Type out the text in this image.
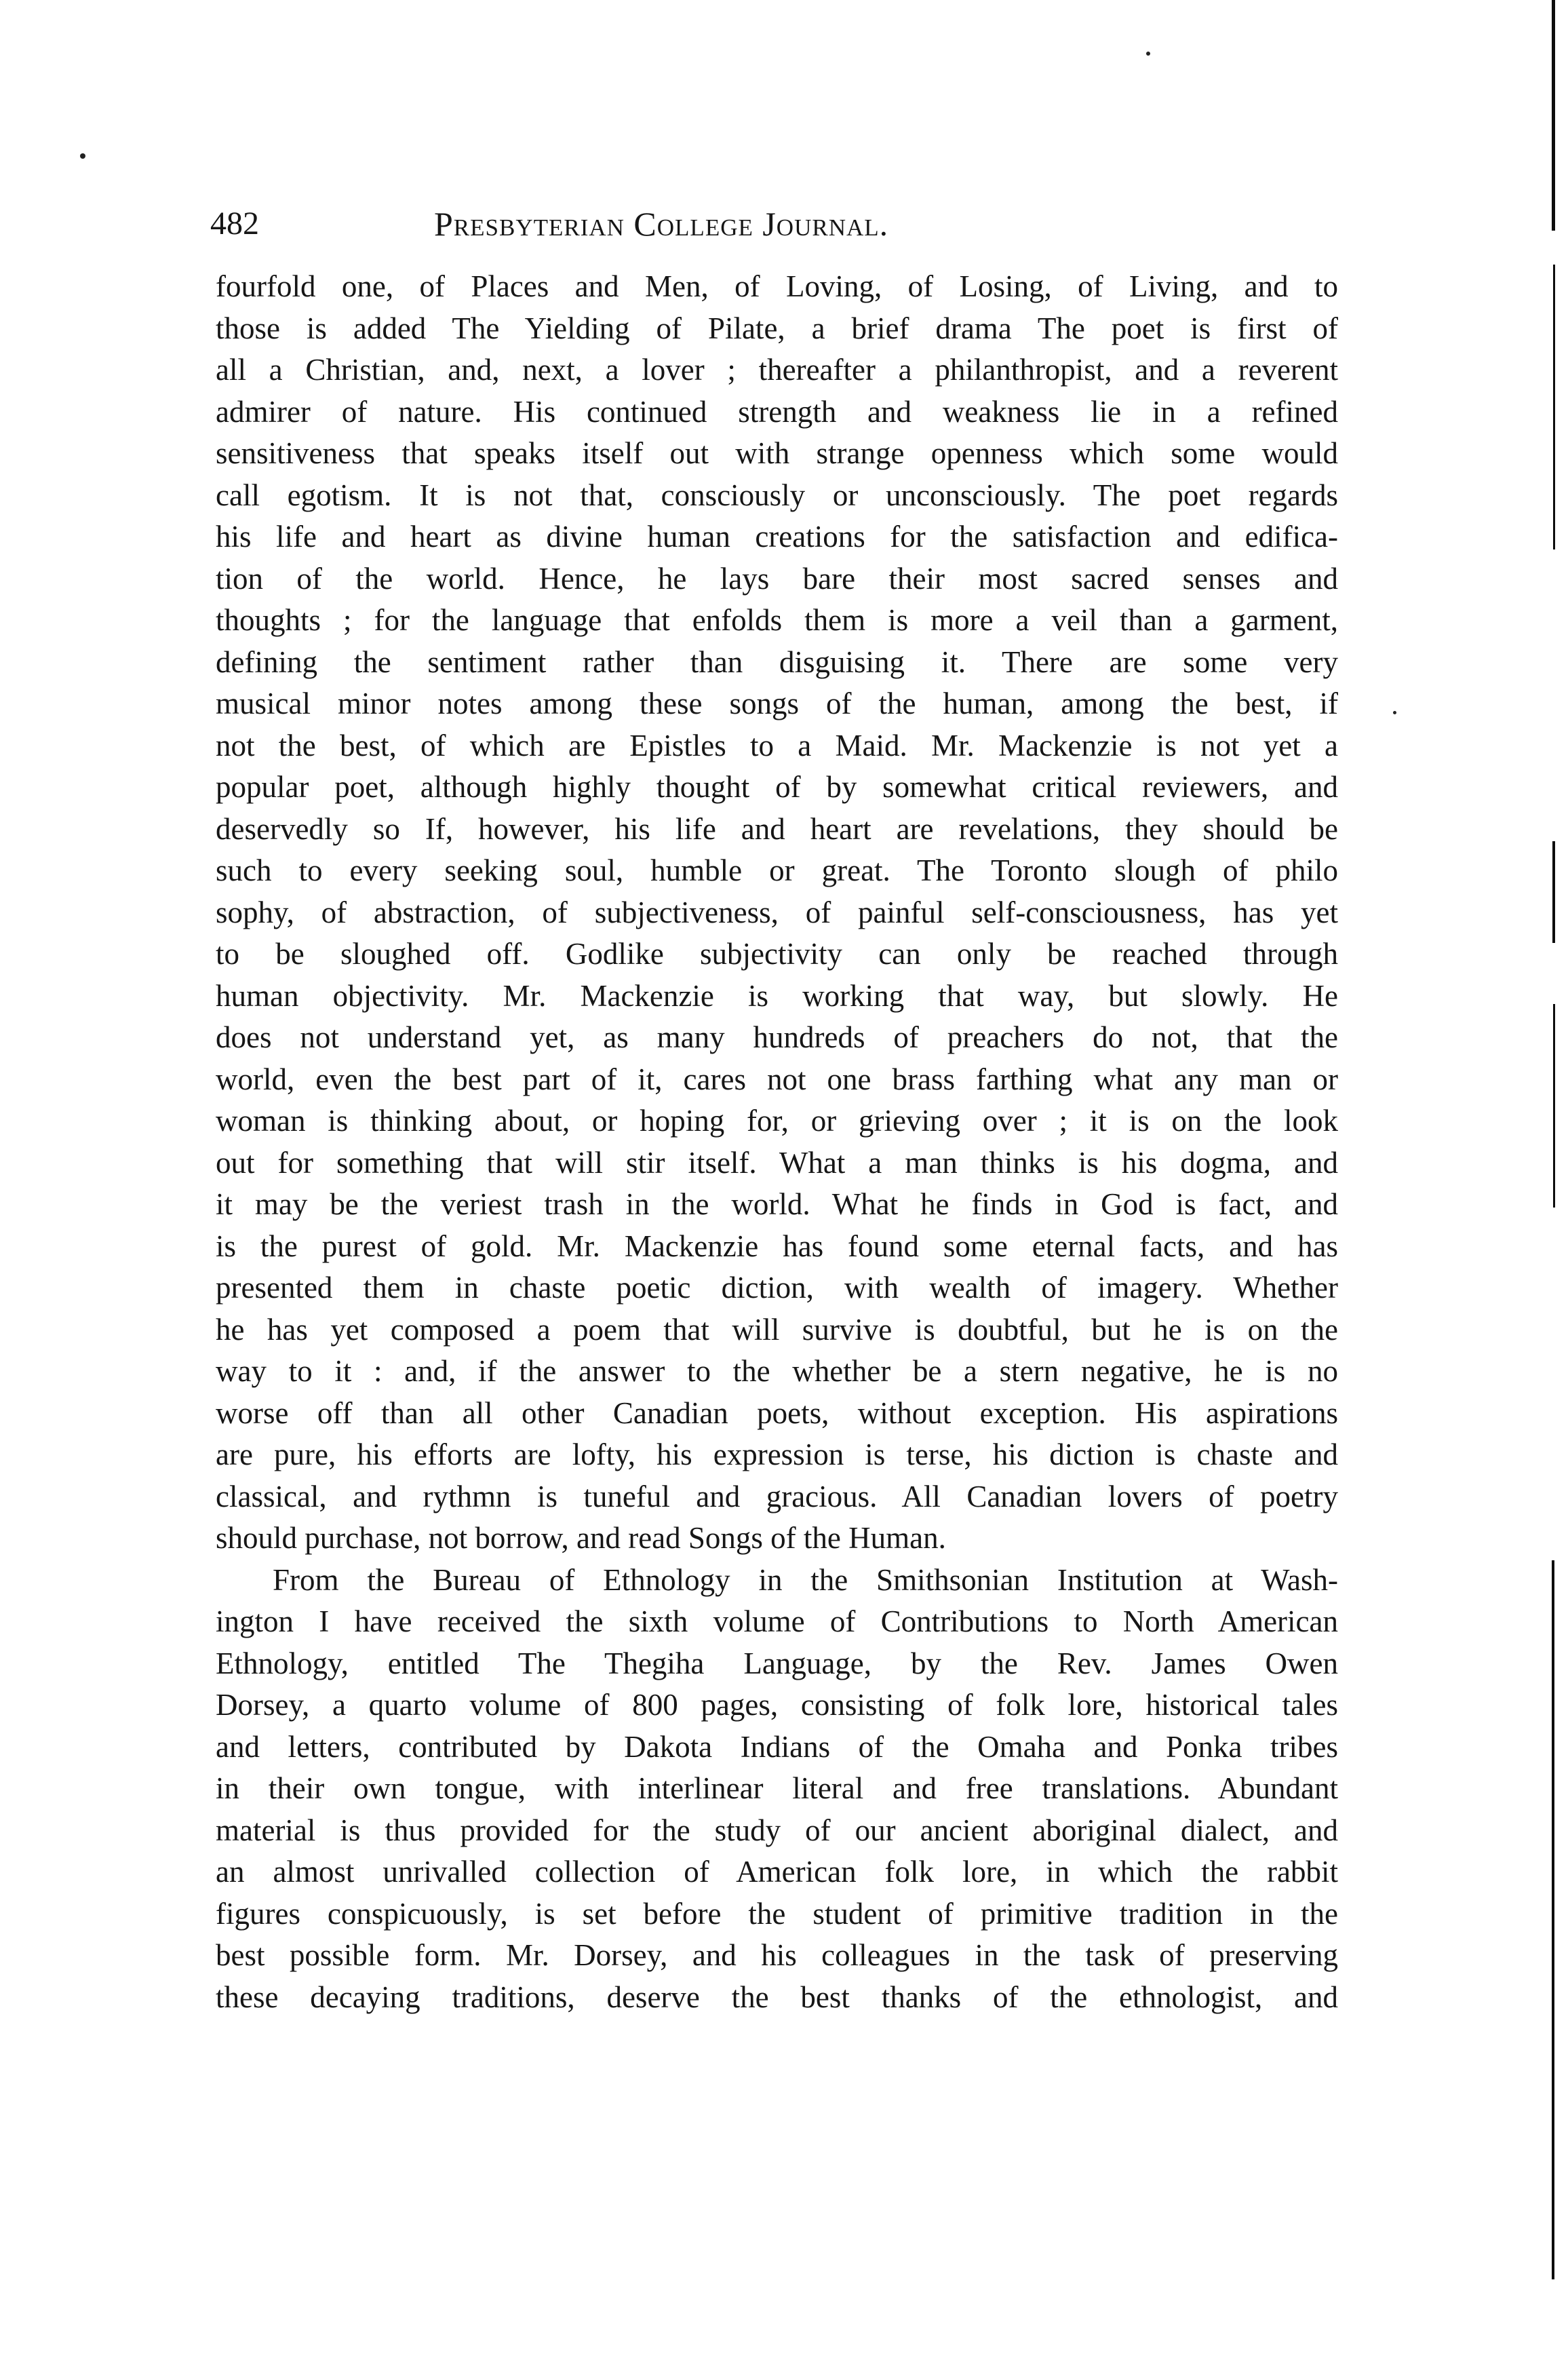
482	Presbyterian College Journal.
fourfold one, of Places and Men, of Loving, of Losing, of Living, and to
those is added The Yielding of Pilate, a brief drama The poet is first of
all a Christian, and, next, a lover ; thereafter a philanthropist, and a reverent
admirer of nature. His continued strength and weakness lie in a refined
sensitiveness that speaks itself out with strange openness which some would
call egotism. It is not that, consciously or unconsciously. The poet regards
his life and heart as divine human creations for the satisfaction and edifica-
tion of the world. Hence, he lays bare their most sacred senses and
thoughts ; for the language that enfolds them is more a veil than a garment,
defining the sentiment rather than disguising it. There are some very
musical minor notes among these songs of the human, among the best, if
not the best, of which are Epistles to a Maid. Mr. Mackenzie is not yet a
popular poet, although highly thought of by somewhat critical reviewers, and
deservedly so If, however, his life and heart are revelations, they should be
such to every seeking soul, humble or great. The Toronto slough of philo
sophy, of abstraction, of subjectiveness, of painful self-consciousness, has yet
to be sloughed off. Godlike subjectivity can only be reached through
human objectivity. Mr. Mackenzie is working that way, but slowly. He
does not understand yet, as many hundreds of preachers do not, that the
world, even the best part of it, cares not one brass farthing what any man or
woman is thinking about, or hoping for, or grieving over ; it is on the look
out for something that will stir itself. What a man thinks is his dogma, and
it may be the veriest trash in the world. What he finds in God is fact, and
is the purest of gold. Mr. Mackenzie has found some eternal facts, and has
presented them in chaste poetic diction, with wealth of imagery. Whether
he has yet composed a poem that will survive is doubtful, but he is on the
way to it : and, if the answer to the whether be a stern negative, he is no
worse off than all other Canadian poets, without exception. His aspirations
are pure, his efforts are lofty, his expression is terse, his diction is chaste and
classical, and rythmn is tuneful and gracious. All Canadian lovers of poetry
should purchase, not borrow, and read Songs of the Human.
From the Bureau of Ethnology in the Smithsonian Institution at Wash-
ington I have received the sixth volume of Contributions to North American
Ethnology, entitled The Thegiha Language, by the Rev. James Owen
Dorsey, a quarto volume of 800 pages, consisting of folk lore, historical tales
and letters, contributed by Dakota Indians of the Omaha and Ponka tribes
in their own tongue, with interlinear literal and free translations. Abundant
material is thus provided for the study of our ancient aboriginal dialect, and
an almost unrivalled collection of American folk lore, in which the rabbit
figures conspicuously, is set before the student of primitive tradition in the
best possible form. Mr. Dorsey, and his colleagues in the task of preserving
these decaying traditions, deserve the best thanks of the ethnologist, and
